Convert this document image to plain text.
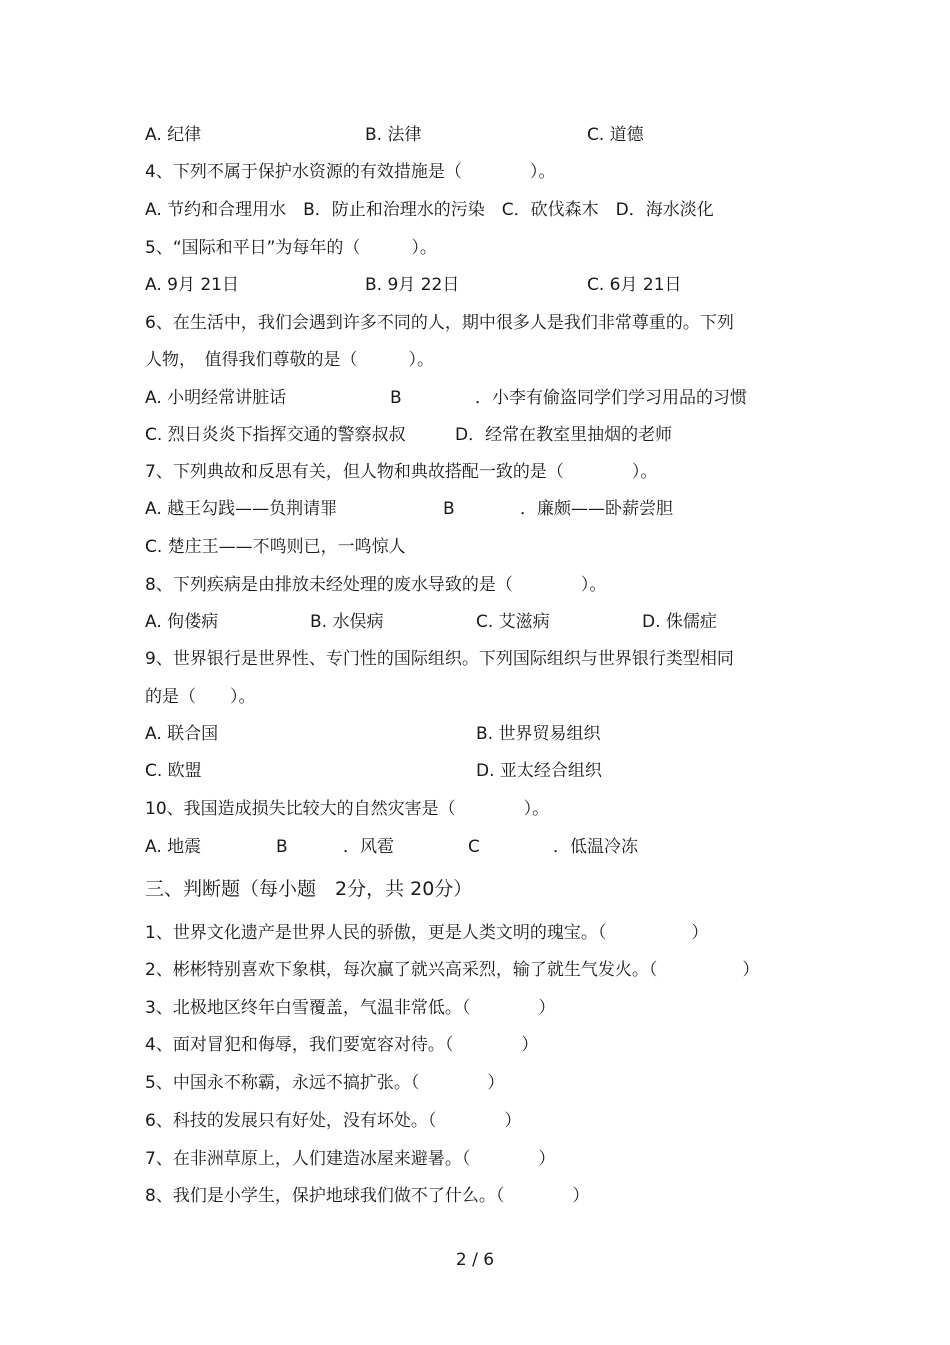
A. 纪律	B. 法律	C. 道德
4、下列不属于保护水资源的有效措施是（　　　　）。
A. 节约和合理用水　B．防止和治理水的污染　C．砍伐森木　D．海水淡化
5、“国际和平日”为每年的（　　　）。
A. 9月 21日	B. 9月 22日	C. 6月 21日
6、在生活中，我们会遇到许多不同的人，期中很多人是我们非常尊重的。下列
人物，　值得我们尊敬的是（　　　）。
A. 小明经常讲脏话	B	．小李有偷盗同学们学习用品的习惯
C. 烈日炎炎下指挥交通的警察叔叔	D．经常在教室里抽烟的老师
7、下列典故和反思有关，但人物和典故搭配一致的是（　　　　）。
A. 越王勾践——负荆请罪	B	．廉颇——卧薪尝胆
C. 楚庄王——不鸣则已，一鸣惊人
8、下列疾病是由排放未经处理的废水导致的是（　　　　）。
A. 佝偻病	B. 水俣病	C. 艾滋病	D. 侏儒症
9、世界银行是世界性、专门性的国际组织。下列国际组织与世界银行类型相同
的是（　　）。
A. 联合国	B. 世界贸易组织
C. 欧盟	D. 亚太经合组织
10、我国造成损失比较大的自然灾害是（　　　　）。
A. 地震	B	．风雹	C	．低温冷冻
三、判断题（每小题　2分，共 20分）
1、世界文化遗产是世界人民的骄傲，更是人类文明的瑰宝。（　　　　　）
2、彬彬特别喜欢下象棋，每次赢了就兴高采烈，输了就生气发火。（　　　　　）
3、北极地区终年白雪覆盖，气温非常低。（　　　　）
4、面对冒犯和侮辱，我们要宽容对待。（　　　　）
5、中国永不称霸，永远不搞扩张。（　　　　）
6、科技的发展只有好处，没有坏处。（　　　　）
7、在非洲草原上，人们建造冰屋来避暑。（　　　　）
8、我们是小学生，保护地球我们做不了什么。（　　　　）
2 / 6
